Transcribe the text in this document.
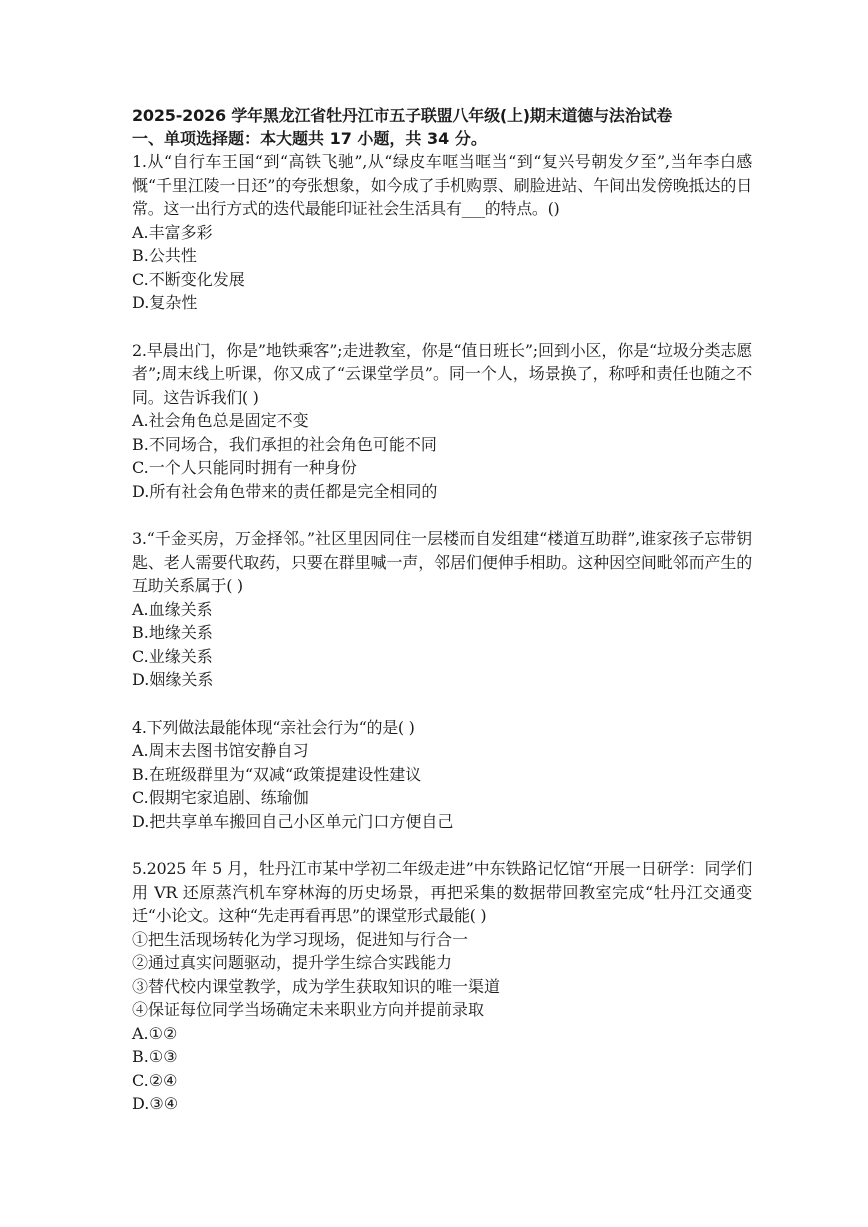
2025-2026 学年黑龙江省牡丹江市五子联盟八年级(上)期末道德与法治试卷
一、单项选择题：本大题共 17 小题，共 34 分。
1.从“自行车王国“到“高铁飞驰”,从“绿皮车哐当哐当“到“复兴号朝发夕至”,当年李白感慨“千里江陵一日还”的夸张想象，如今成了手机购票、刷脸进站、午间出发傍晚抵达的日常。这一出行方式的迭代最能印证社会生活具有___的特点。()
A.丰富多彩
B.公共性
C.不断变化发展
D.复杂性
2.早晨出门，你是”地铁乘客”;走进教室，你是“值日班长”;回到小区，你是“垃圾分类志愿者”;周末线上听课，你又成了“云课堂学员”。同一个人，场景换了，称呼和责任也随之不同。这告诉我们( )
A.社会角色总是固定不变
B.不同场合，我们承担的社会角色可能不同
C.一个人只能同时拥有一种身份
D.所有社会角色带来的责任都是完全相同的
3.“千金买房，万金择邻。”社区里因同住一层楼而自发组建“楼道互助群”,谁家孩子忘带钥匙、老人需要代取药，只要在群里喊一声，邻居们便伸手相助。这种因空间毗邻而产生的互助关系属于( )
A.血缘关系
B.地缘关系
C.业缘关系
D.姻缘关系
4.下列做法最能体现“亲社会行为“的是( )
A.周末去图书馆安静自习
B.在班级群里为“双减“政策提建设性建议
C.假期宅家追剧、练瑜伽
D.把共享单车搬回自己小区单元门口方便自己
5.2025 年 5 月，牡丹江市某中学初二年级走进”中东铁路记忆馆“开展一日研学：同学们用 VR 还原蒸汽机车穿林海的历史场景，再把采集的数据带回教室完成“牡丹江交通变迁“小论文。这种“先走再看再思”的课堂形式最能( )
①把生活现场转化为学习现场，促进知与行合一
②通过真实问题驱动，提升学生综合实践能力
③替代校内课堂教学，成为学生获取知识的唯一渠道
④保证每位同学当场确定未来职业方向并提前录取
A.①②
B.①③
C.②④
D.③④
